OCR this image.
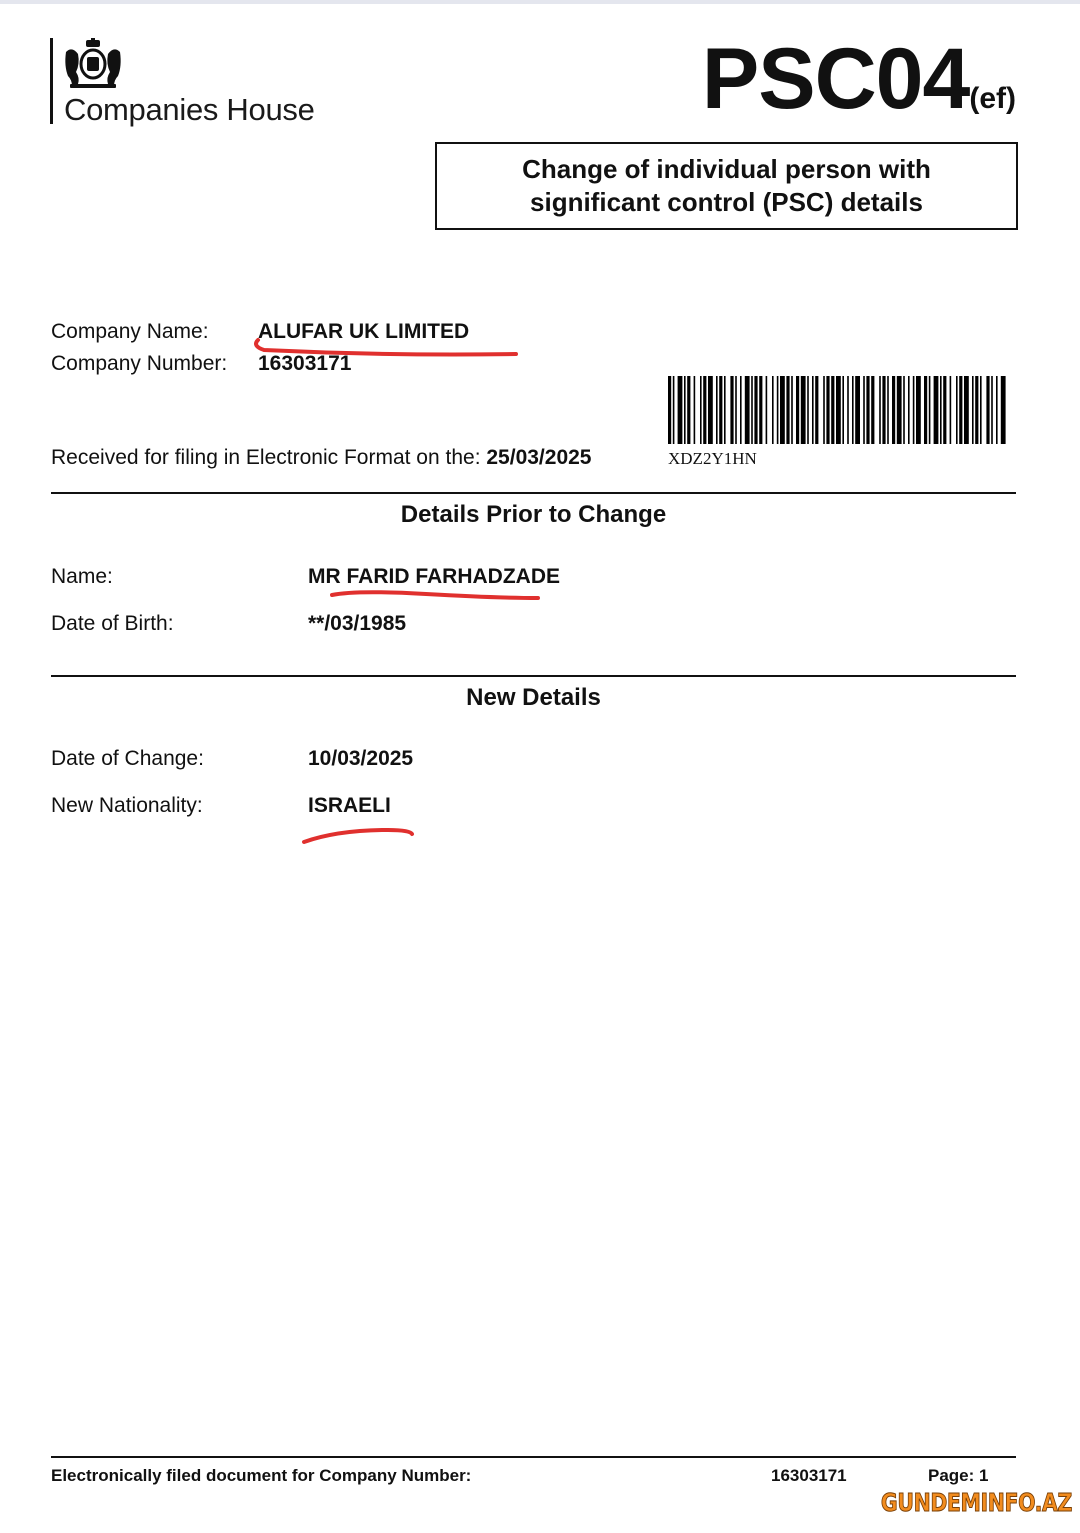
Companies House	PSC04(ef)
Change of individual person with
significant control (PSC) details
Company Name: ALUFAR UK LIMITED
Company Number: 16303171
XDZ2Y1HN
Received for filing in Electronic Format on the: 25/03/2025
Details Prior to Change
Name:	MR FARID FARHADZADE
Date of Birth:	**/03/1985
New Details
Date of Change:	10/03/2025
New Nationality:	ISRAELI
Electronically filed document for Company Number:	16303171	Page: 1
GUNDEMINFO.AZ
